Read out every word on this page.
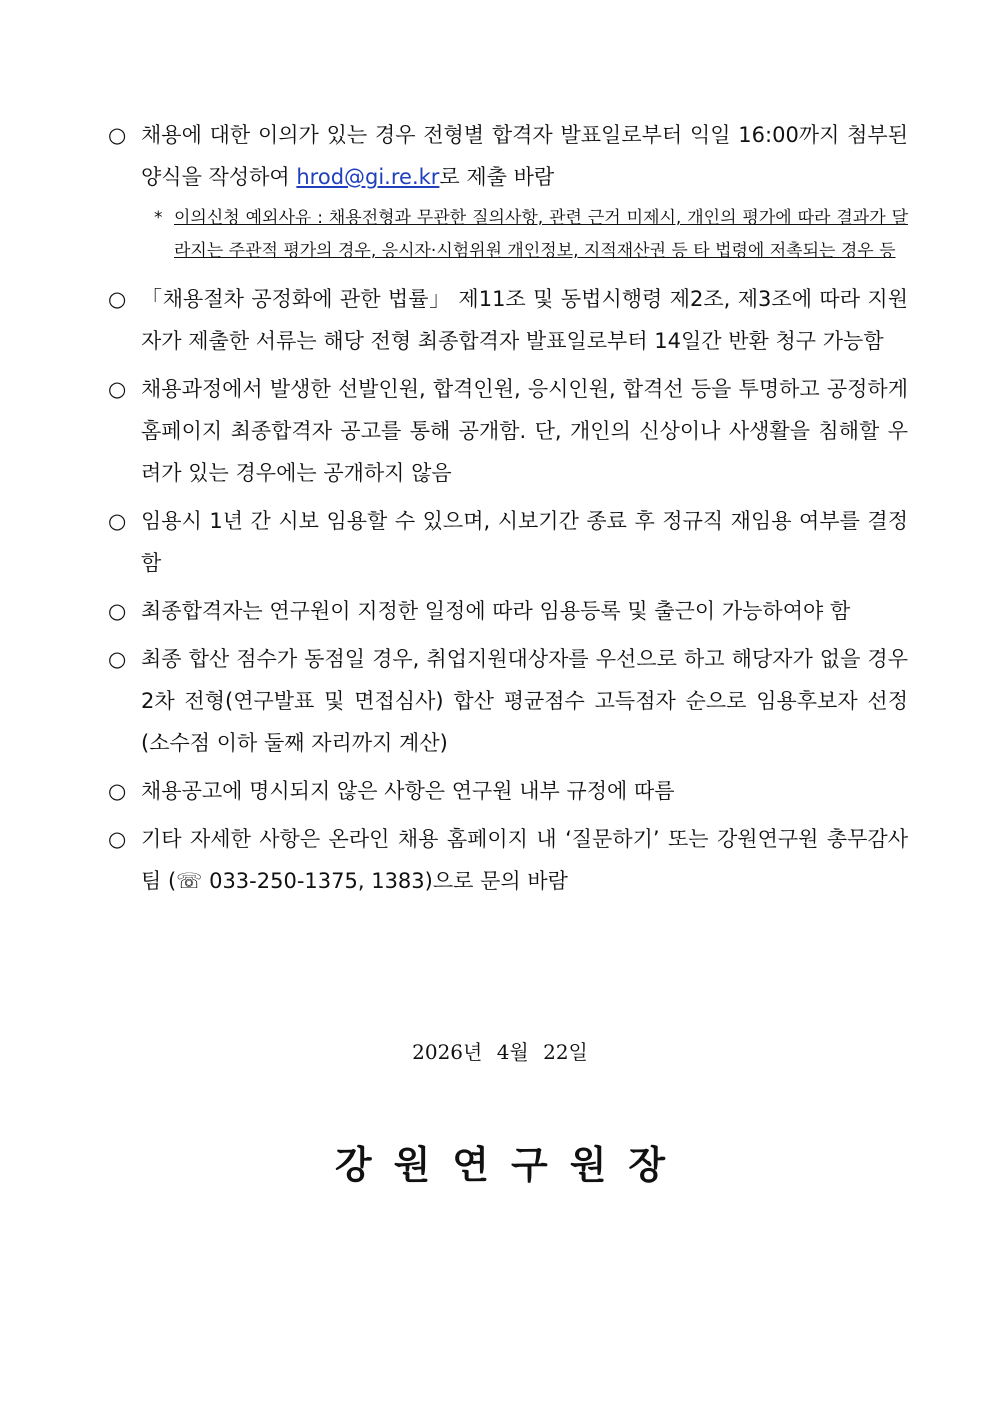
○ 채용에 대한 이의가 있는 경우 전형별 합격자 발표일로부터 익일 16:00까지 첨부된 양식을 작성하여 hrod@gi.re.kr로 제출 바람
* 이의신청 예외사유 : 채용전형과 무관한 질의사항, 관련 근거 미제시, 개인의 평가에 따라 결과가 달라지는 주관적 평가의 경우, 응시자·시험위원 개인정보, 지적재산권 등 타 법령에 저촉되는 경우 등
○ 「채용절차 공정화에 관한 법률」 제11조 및 동법시행령 제2조, 제3조에 따라 지원자가 제출한 서류는 해당 전형 최종합격자 발표일로부터 14일간 반환 청구 가능함
○ 채용과정에서 발생한 선발인원, 합격인원, 응시인원, 합격선 등을 투명하고 공정하게 홈페이지 최종합격자 공고를 통해 공개함. 단, 개인의 신상이나 사생활을 침해할 우려가 있는 경우에는 공개하지 않음
○ 임용시 1년 간 시보 임용할 수 있으며, 시보기간 종료 후 정규직 재임용 여부를 결정함
○ 최종합격자는 연구원이 지정한 일정에 따라 임용등록 및 출근이 가능하여야 함
○ 최종 합산 점수가 동점일 경우, 취업지원대상자를 우선으로 하고 해당자가 없을 경우 2차 전형(연구발표 및 면접심사) 합산 평균점수 고득점자 순으로 임용후보자 선정(소수점 이하 둘째 자리까지 계산)
○ 채용공고에 명시되지 않은 사항은 연구원 내부 규정에 따름
○ 기타 자세한 사항은 온라인 채용 홈페이지 내 ‘질문하기’ 또는 강원연구원 총무감사팀 (☏ 033-250-1375, 1383)으로 문의 바람
2026년 4월 22일
강원연구원장
